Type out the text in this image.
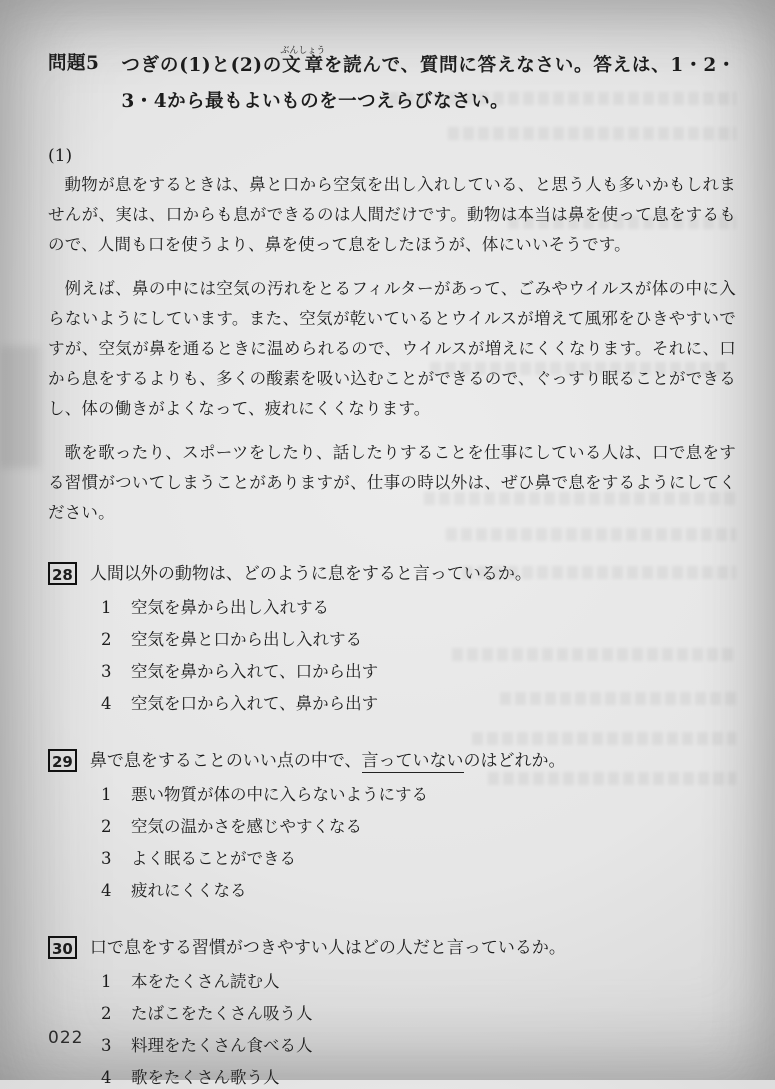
問題5 つぎの(1)と(2)の文章ぶんしょうを読んで、質問に答えなさい。答えは、1・2・3・4から最もよいものを一つえらびなさい。
(1)

動物が息をするときは、鼻と口から空気を出し入れしている、と思う人も多いかもしれませんが、実は、口からも息ができるのは人間だけです。動物は本当は鼻を使って息をするもので、人間も口を使うより、鼻を使って息をしたほうが、体にいいそうです。

例えば、鼻の中には空気の汚れをとるフィルターがあって、ごみやウイルスが体の中に入らないようにしています。また、空気が乾いているとウイルスが増えて風邪をひきやすいですが、空気が鼻を通るときに温められるので、ウイルスが増えにくくなります。それに、口から息をするよりも、多くの酸素を吸い込むことができるので、ぐっすり眠ることができるし、体の働きがよくなって、疲れにくくなります。

歌を歌ったり、スポーツをしたり、話したりすることを仕事にしている人は、口で息をする習慣がついてしまうことがありますが、仕事の時以外は、ぜひ鼻で息をするようにしてください。

28 人間以外の動物は、どのように息をすると言っているか。
1	空気を鼻から出し入れする
2	空気を鼻と口から出し入れする
3	空気を鼻から入れて、口から出す
4	空気を口から入れて、鼻から出す
29 鼻で息をすることのいい点の中で、言っていないのはどれか。
1	悪い物質が体の中に入らないようにする
2	空気の温かさを感じやすくなる
3	よく眠ることができる
4	疲れにくくなる
30 口で息をする習慣がつきやすい人はどの人だと言っているか。
1	本をたくさん読む人
2	たばこをたくさん吸う人
3	料理をたくさん食べる人
4	歌をたくさん歌う人
022
